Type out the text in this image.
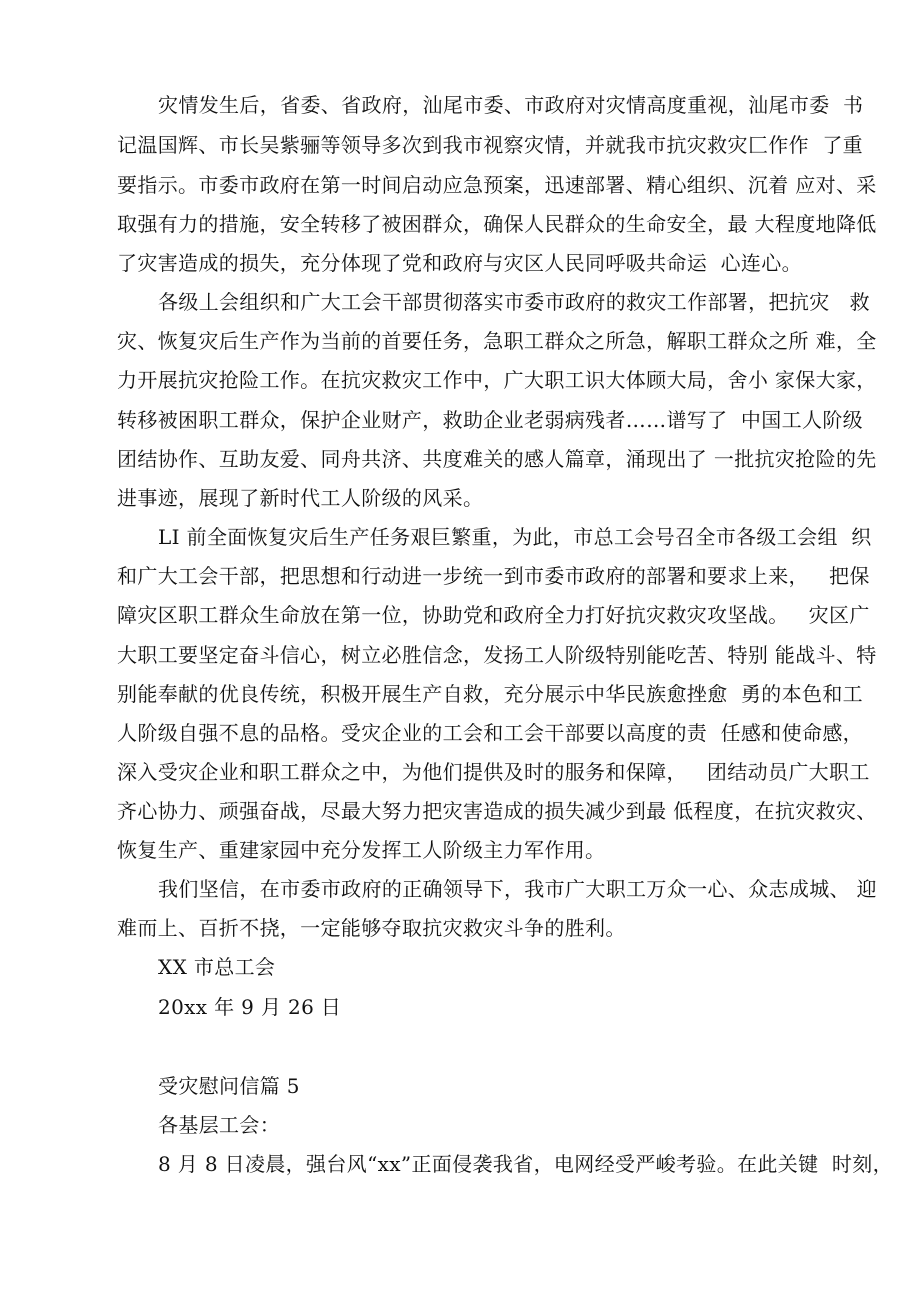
灾情发生后，省委、省政府，汕尾市委、市政府对灾情高度重视，汕尾市委  书
记温国辉、市长吴紫骊等领导多次到我市视察灾情，并就我市抗灾救灾匚作作  了重
要指示。市委市政府在第一时间启动应急预案，迅速部署、精心组织、沉着 应对、采
取强有力的措施，安全转移了被困群众，确保人民群众的生命安全，最 大程度地降低
了灾害造成的损失，充分体现了党和政府与灾区人民同呼吸共命运  心连心。
各级丄会组织和广大工会干部贯彻落实市委市政府的救灾工作部署，把抗灾   救
灾、恢复灾后生产作为当前的首要任务，急职工群众之所急，解职工群众之所 难，全
力开展抗灾抢险工作。在抗灾救灾工作中，广大职工识大体顾大局，舍小 家保大家，
转移被困职工群众，保护企业财产，救助企业老弱病残者……谱写了  中国工人阶级
团结协作、互助友爱、同舟共济、共度难关的感人篇章，涌现出了 一批抗灾抢险的先
进事迹，展现了新时代工人阶级的风采。
LI 前全面恢复灾后生产任务艰巨繁重，为此，市总工会号召全市各级工会组  织
和广大工会干部，把思想和行动进一步统一到市委市政府的部署和要求上来，   把保
障灾区职工群众生命放在第一位，协助党和政府全力打好抗灾救灾攻坚战。   灾区广
大职工要坚定奋斗信心，树立必胜信念，发扬工人阶级特别能吃苦、特别 能战斗、特
别能奉献的优良传统，积极开展生产自救，充分展示中华民族愈挫愈  勇的本色和工
人阶级自强不息的品格。受灾企业的工会和工会干部要以高度的责  任感和使命感，
深入受灾企业和职工群众之中，为他们提供及时的服务和保障，   团结动员广大职工
齐心协力、顽强奋战，尽最大努力把灾害造成的损失减少到最 低程度，在抗灾救灾、
恢复生产、重建家园中充分发挥工人阶级主力军作用。
我们坚信，在市委市政府的正确领导下，我市广大职工万众一心、众志成城、 迎
难而上、百折不挠，一定能够夺取抗灾救灾斗争的胜利。
XX 市总工会
20xx 年 9 月 26 日
受灾慰问信篇 5
各基层工会：
8 月 8 日凌晨，强台风“xx”正面侵袭我省，电网经受严峻考验。在此关键  时刻，
